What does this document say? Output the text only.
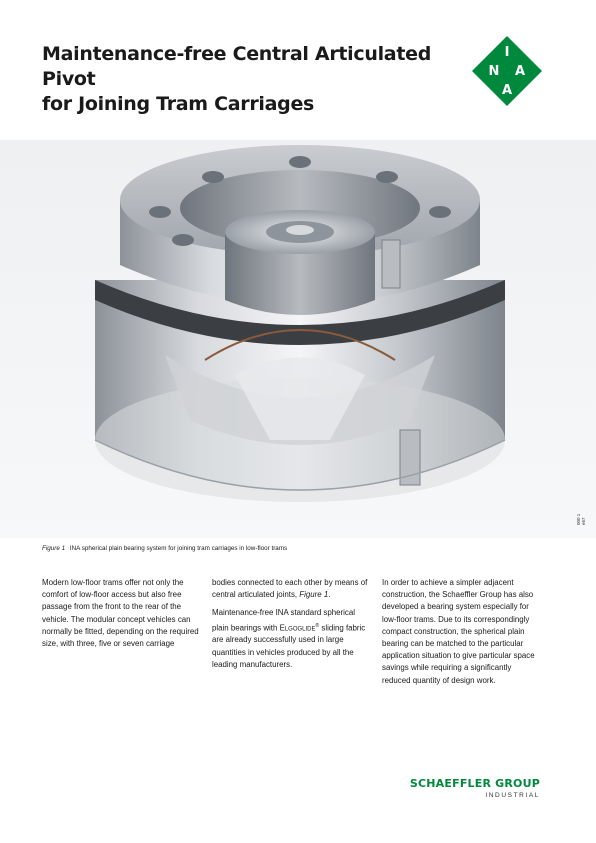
Maintenance-free Central Articulated Pivot
for Joining Tram Carriages
I
N A
A
000 1 e67
Figure 1 INA spherical plain bearing system for joining tram carriages in low-floor trams

Modern low-floor trams offer not only the comfort of low-floor access but also free passage from the front to the rear of the vehicle. The modular concept vehicles can normally be fitted, depending on the required size, with three, five or seven carriage

bodies connected to each other by means of central articulated joints, Figure 1.

Maintenance-free INA standard spherical plain bearings with Elgoglide® sliding fabric are already successfully used in large quantities in vehicles produced by all the leading manufacturers.

In order to achieve a simpler adjacent construction, the Schaeffler Group has also developed a bearing system especially for low-floor trams. Due to its correspondingly compact construction, the spherical plain bearing can be matched to the particular application situation to give particular space savings while requiring a significantly reduced quantity of design work.

SCHAEFFLER GROUP
INDUSTRIAL
